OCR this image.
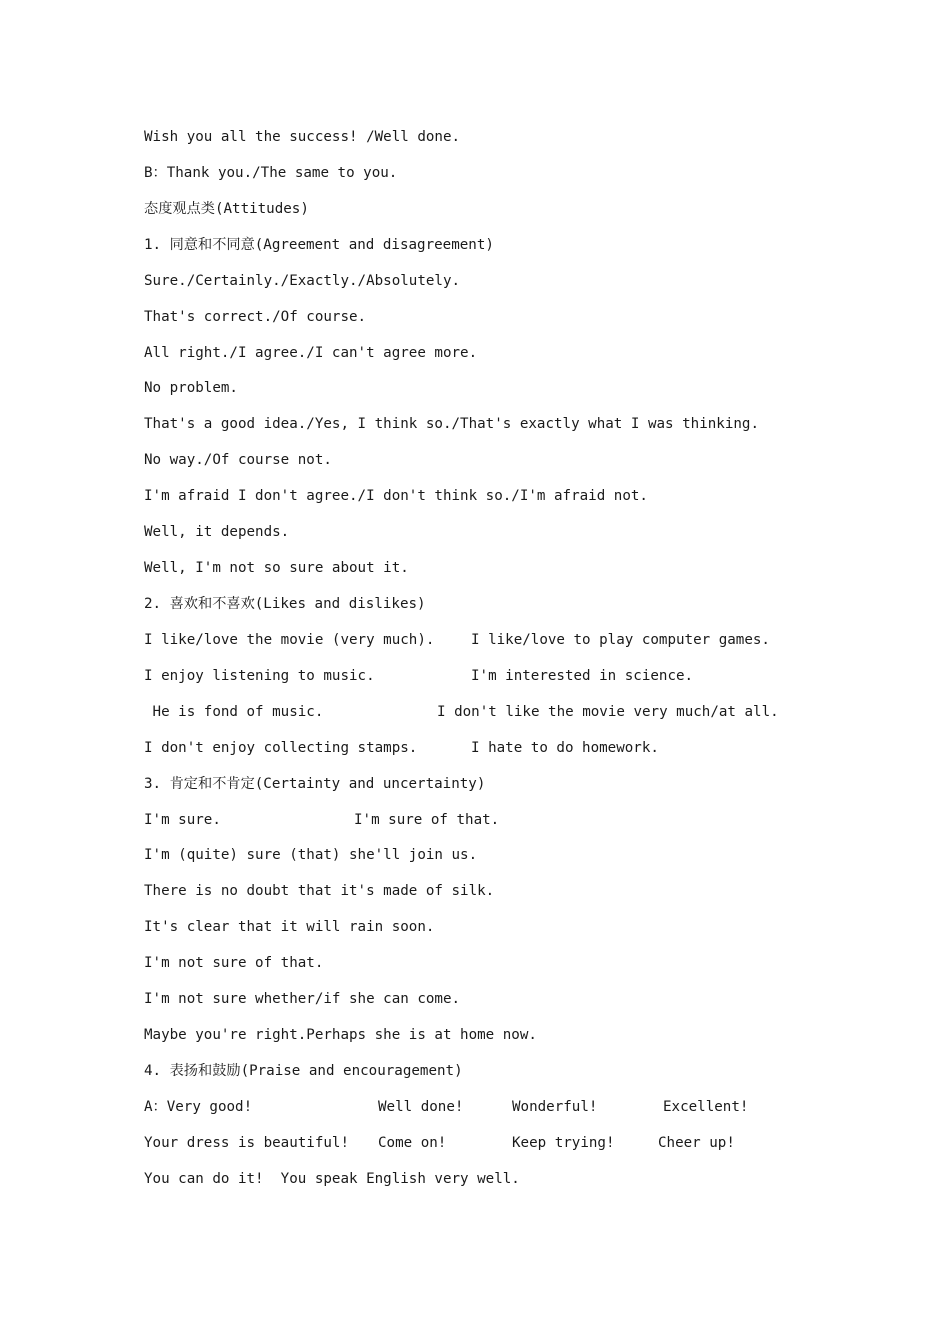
Wish you all the success! /Well done.
B：Thank you./The same to you.
态度观点类(Attitudes)
1. 同意和不同意(Agreement and disagreement)
Sure./Certainly./Exactly./Absolutely.
That's correct./Of course.
All right./I agree./I can't agree more.
No problem.
That's a good idea./Yes, I think so./That's exactly what I was thinking.
No way./Of course not.
I'm afraid I don't agree./I don't think so./I'm afraid not.
Well, it depends.
Well, I'm not so sure about it.
2. 喜欢和不喜欢(Likes and dislikes)
I like/love the movie (very much).	I like/love to play computer games.
I enjoy listening to music.	I'm interested in science.
He is fond of music.	I don't like the movie very much/at all.
I don't enjoy collecting stamps.	I hate to do homework.
3. 肯定和不肯定(Certainty and uncertainty)
I'm sure.	I'm sure of that.
I'm (quite) sure (that) she'll join us.
There is no doubt that it's made of silk.
It's clear that it will rain soon.
I'm not sure of that.
I'm not sure whether/if she can come.
Maybe you're right.Perhaps she is at home now.
4. 表扬和鼓励(Praise and encouragement)
A：Very good!	Well done!	Wonderful!	Excellent!
Your dress is beautiful! Come on!	Keep trying!	Cheer up!
You can do it!  You speak English very well.
